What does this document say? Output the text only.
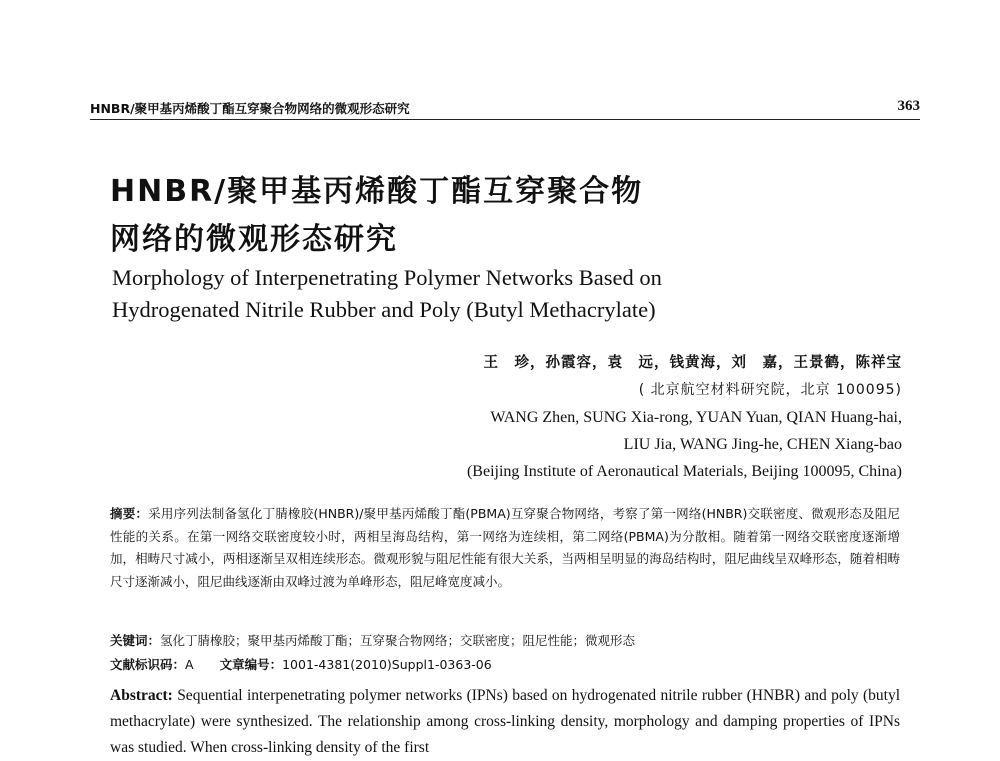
HNBR/聚甲基丙烯酸丁酯互穿聚合物网络的微观形态研究	363
HNBR/聚甲基丙烯酸丁酯互穿聚合物
网络的微观形态研究
Morphology of Interpenetrating Polymer Networks Based on
Hydrogenated Nitrile Rubber and Poly (Butyl Methacrylate)
王　珍，孙霞容，袁　远，钱黄海，刘　嘉，王景鹤，陈祥宝
( 北京航空材料研究院，北京 100095)
WANG Zhen, SUNG Xia-rong, YUAN Yuan, QIAN Huang-hai,
LIU Jia, WANG Jing-he, CHEN Xiang-bao
(Beijing Institute of Aeronautical Materials, Beijing 100095, China)
摘要：采用序列法制备氢化丁腈橡胶(HNBR)/聚甲基丙烯酸丁酯(PBMA)互穿聚合物网络，考察了第一网络(HNBR)交联密度、微观形态及阻尼性能的关系。在第一网络交联密度较小时，两相呈海岛结构，第一网络为连续相，第二网络(PBMA)为分散相。随着第一网络交联密度逐渐增加，相畴尺寸减小，两相逐渐呈双相连续形态。微观形貌与阻尼性能有很大关系，当两相呈明显的海岛结构时，阻尼曲线呈双峰形态，随着相畴尺寸逐渐减小，阻尼曲线逐渐由双峰过渡为单峰形态，阻尼峰宽度减小。
关键词：氢化丁腈橡胶；聚甲基丙烯酸丁酯；互穿聚合物网络；交联密度；阻尼性能；微观形态
文献标识码：A 文章编号：1001-4381(2010)Suppl1-0363-06
Abstract: Sequential interpenetrating polymer networks (IPNs) based on hydrogenated nitrile rubber (HNBR) and poly (butyl methacrylate) were synthesized. The relationship among cross-linking density, morphology and damping properties of IPNs was studied. When cross-linking density of the first
